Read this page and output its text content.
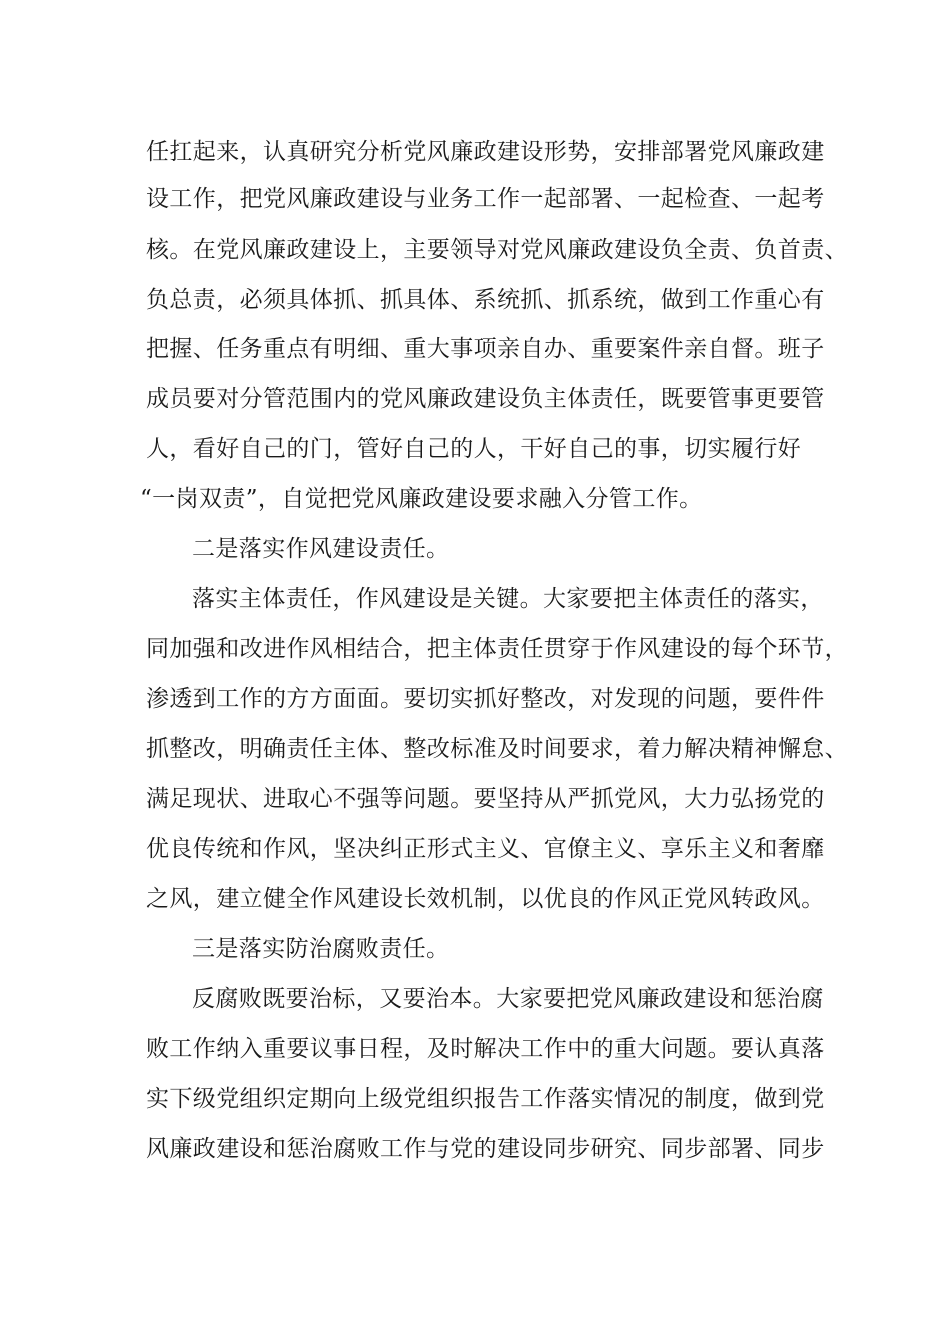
任扛起来，认真研究分析党风廉政建设形势，安排部署党风廉政建
设工作，把党风廉政建设与业务工作一起部署、一起检查、一起考
核。在党风廉政建设上，主要领导对党风廉政建设负全责、负首责、
负总责，必须具体抓、抓具体、系统抓、抓系统，做到工作重心有
把握、任务重点有明细、重大事项亲自办、重要案件亲自督。班子
成员要对分管范围内的党风廉政建设负主体责任，既要管事更要管
人，看好自己的门，管好自己的人，干好自己的事，切实履行好
“一岗双责”，自觉把党风廉政建设要求融入分管工作。
二是落实作风建设责任。
落实主体责任，作风建设是关键。大家要把主体责任的落实，
同加强和改进作风相结合，把主体责任贯穿于作风建设的每个环节，
渗透到工作的方方面面。要切实抓好整改，对发现的问题，要件件
抓整改，明确责任主体、整改标准及时间要求，着力解决精神懈怠、
满足现状、进取心不强等问题。要坚持从严抓党风，大力弘扬党的
优良传统和作风，坚决纠正形式主义、官僚主义、享乐主义和奢靡
之风，建立健全作风建设长效机制，以优良的作风正党风转政风。
三是落实防治腐败责任。
反腐败既要治标，又要治本。大家要把党风廉政建设和惩治腐
败工作纳入重要议事日程，及时解决工作中的重大问题。要认真落
实下级党组织定期向上级党组织报告工作落实情况的制度，做到党
风廉政建设和惩治腐败工作与党的建设同步研究、同步部署、同步
